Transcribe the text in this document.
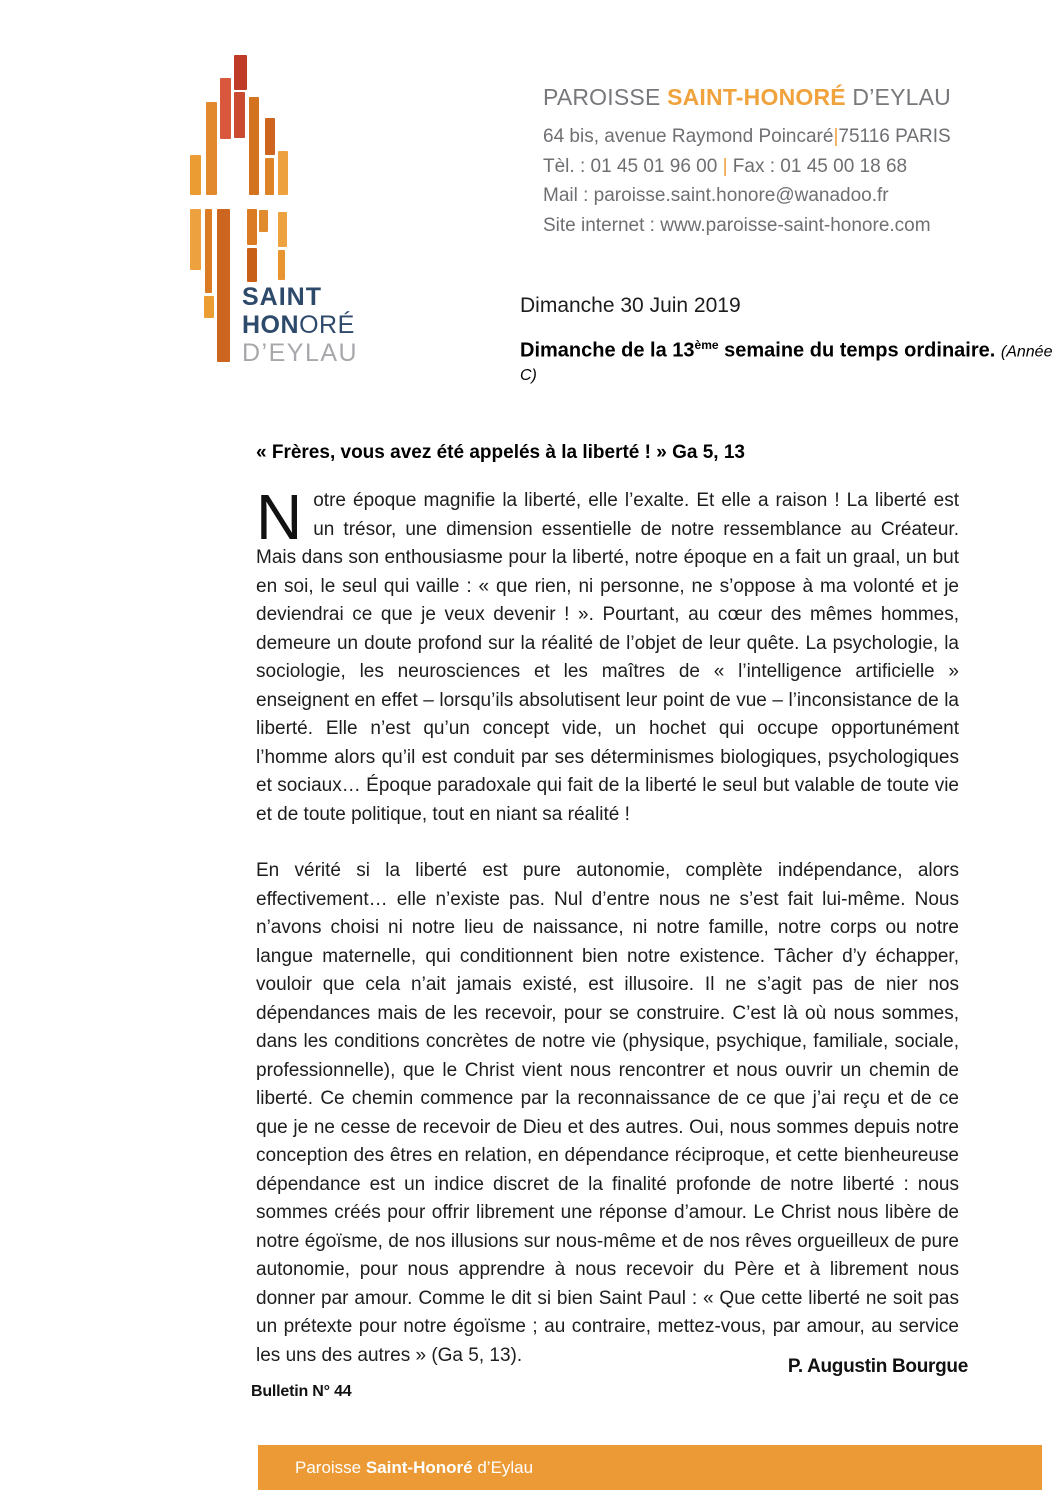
SAINT
HONORÉ
D’EYLAU
PAROISSE SAINT-HONORÉ D’EYLAU
64 bis, avenue Raymond Poincaré|75116 PARIS
Tèl. : 01 45 01 96 00 | Fax : 01 45 00 18 68
Mail : paroisse.saint.honore@wanadoo.fr
Site internet : www.paroisse-saint-honore.com
Dimanche 30 Juin 2019
Dimanche de la 13ème semaine du temps ordinaire. (Année C)

« Frères, vous avez été appelés à la liberté ! » Ga 5, 13

Notre époque magnifie la liberté, elle l’exalte. Et elle a raison ! La liberté est un trésor, une dimension essentielle de notre ressemblance au Créateur. Mais dans son enthousiasme pour la liberté, notre époque en a fait un graal, un but en soi, le seul qui vaille : « que rien, ni personne, ne s’oppose à ma volonté et je deviendrai ce que je veux devenir ! ». Pourtant, au cœur des mêmes hommes, demeure un doute profond sur la réalité de l’objet de leur quête. La psychologie, la sociologie, les neurosciences et les maîtres de « l’intelligence artificielle » enseignent en effet – lorsqu’ils absolutisent leur point de vue – l’inconsistance de la liberté. Elle n’est qu’un concept vide, un hochet qui occupe opportunément l’homme alors qu’il est conduit par ses déterminismes biologiques, psychologiques et sociaux… Époque paradoxale qui fait de la liberté le seul but valable de toute vie et de toute politique, tout en niant sa réalité !

En vérité si la liberté est pure autonomie, complète indépendance, alors effectivement… elle n’existe pas. Nul d’entre nous ne s’est fait lui-même. Nous n’avons choisi ni notre lieu de naissance, ni notre famille, notre corps ou notre langue maternelle, qui conditionnent bien notre existence. Tâcher d’y échapper, vouloir que cela n’ait jamais existé, est illusoire. Il ne s’agit pas de nier nos dépendances mais de les recevoir, pour se construire. C’est là où nous sommes, dans les conditions concrètes de notre vie (physique, psychique, familiale, sociale, professionnelle), que le Christ vient nous rencontrer et nous ouvrir un chemin de liberté. Ce chemin commence par la reconnaissance de ce que j’ai reçu et de ce que je ne cesse de recevoir de Dieu et des autres. Oui, nous sommes depuis notre conception des êtres en relation, en dépendance réciproque, et cette bienheureuse dépendance est un indice discret de la finalité profonde de notre liberté : nous sommes créés pour offrir librement une réponse d’amour. Le Christ nous libère de notre égoïsme, de nos illusions sur nous-même et de nos rêves orgueilleux de pure autonomie, pour nous apprendre à nous recevoir du Père et à librement nous donner par amour. Comme le dit si bien Saint Paul : « Que cette liberté ne soit pas un prétexte pour notre égoïsme ; au contraire, mettez-vous, par amour, au service les uns des autres » (Ga 5, 13).

P. Augustin Bourgue
Bulletin N° 44
Paroisse Saint-Honoré d’Eylau
